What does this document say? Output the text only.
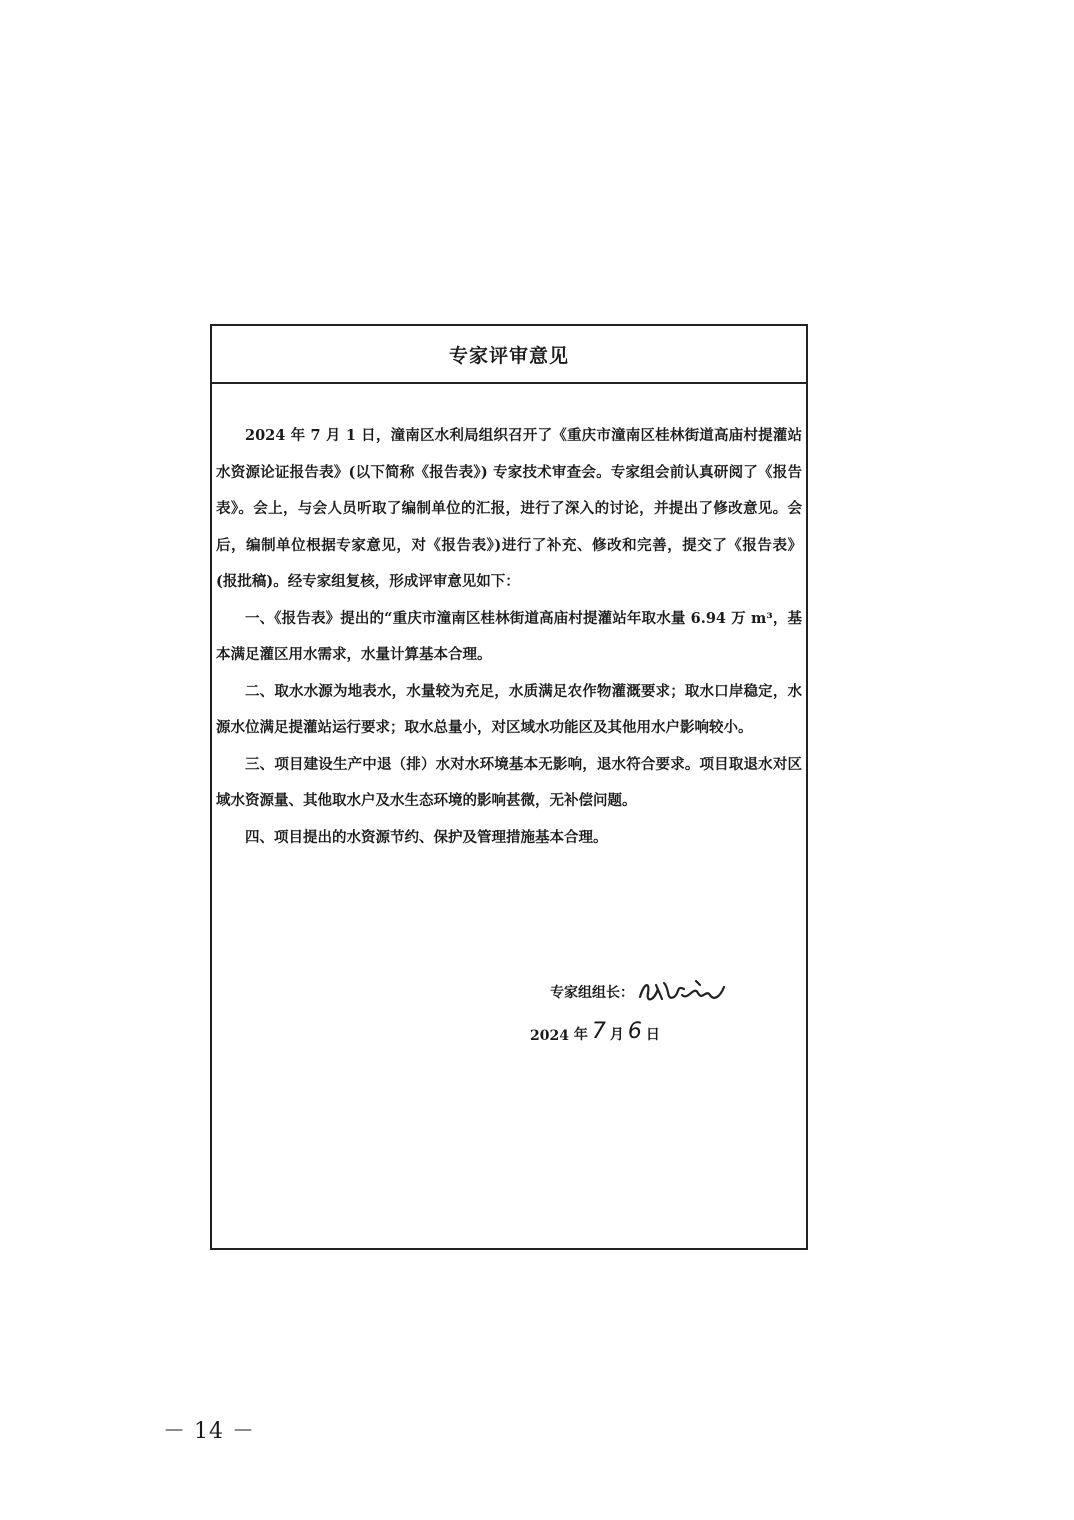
专家评审意见

2024 年 7 月 1 日，潼南区水利局组织召开了《重庆市潼南区桂林街道高庙村提灌站水资源论证报告表》(以下简称《报告表》) 专家技术审查会。专家组会前认真研阅了《报告表》。会上，与会人员听取了编制单位的汇报，进行了深入的讨论，并提出了修改意见。会后，编制单位根据专家意见，对《报告表》)进行了补充、修改和完善，提交了《报告表》(报批稿)。经专家组复核，形成评审意见如下：

一、《报告表》提出的“重庆市潼南区桂林街道高庙村提灌站年取水量 6.94 万 m³，基本满足灌区用水需求，水量计算基本合理。

二、取水水源为地表水，水量较为充足，水质满足农作物灌溉要求；取水口岸稳定，水源水位满足提灌站运行要求；取水总量小，对区域水功能区及其他用水户影响较小。

三、项目建设生产中退（排）水对水环境基本无影响，退水符合要求。项目取退水对区域水资源量、其他取水户及水生态环境的影响甚微，无补偿问题。

四、项目提出的水资源节约、保护及管理措施基本合理。

专家组组长：
2024
年 7 月 6 日
－ 14 －
